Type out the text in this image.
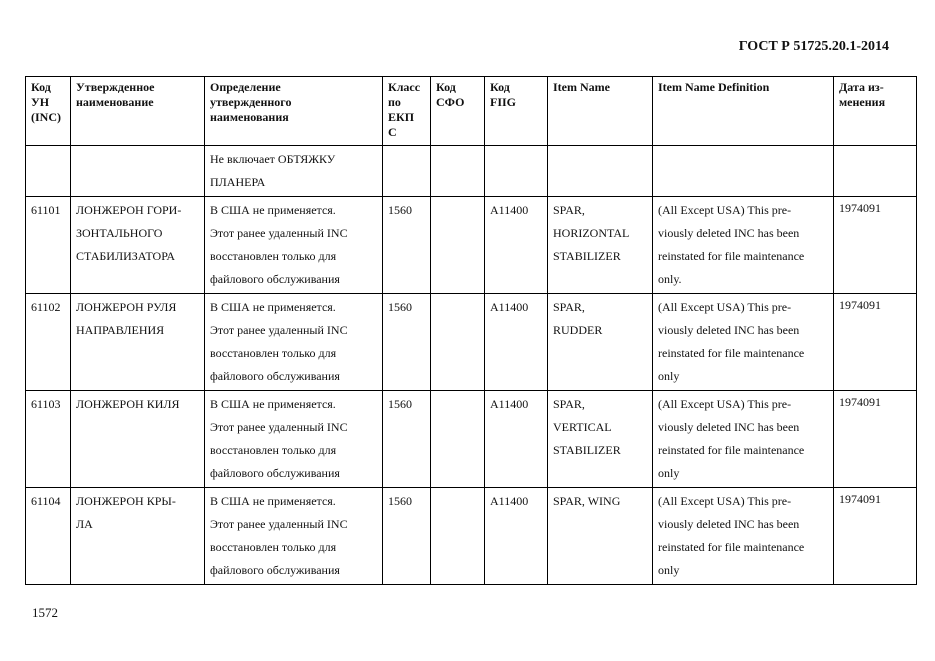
ГОСТ Р 51725.20.1-2014
Код
УН
(INC)	Утвержденное
наименование	Определение
утвержденного
наименования	Класс
по
ЕКП
С	Код
СФО	Код
FIIG	Item Name	Item Name Definition	Дата из-
менения

		Не включает ОБТЯЖКУ
ПЛАНЕРА						

61101	ЛОНЖЕРОН ГОРИ-
ЗОНТАЛЬНОГО
СТАБИЛИЗАТОРА	В США не применяется.
Этот ранее удаленный INC
восстановлен только для
файлового обслуживания	1560		A11400	SPAR,
HORIZONTAL
STABILIZER	(All Except USA) This pre-
viously deleted INC has been
reinstated for file maintenance
only.	1974091
61102	ЛОНЖЕРОН РУЛЯ
НАПРАВЛЕНИЯ	В США не применяется.
Этот ранее удаленный INC
восстановлен только для
файлового обслуживания	1560		A11400	SPAR,
RUDDER	(All Except USA) This pre-
viously deleted INC has been
reinstated for file maintenance
only	1974091
61103	ЛОНЖЕРОН КИЛЯ	В США не применяется.
Этот ранее удаленный INC
восстановлен только для
файлового обслуживания	1560		A11400	SPAR,
VERTICAL
STABILIZER	(All Except USA) This pre-
viously deleted INC has been
reinstated for file maintenance
only	1974091
61104	ЛОНЖЕРОН КРЫ-
ЛА	В США не применяется.
Этот ранее удаленный INC
восстановлен только для
файлового обслуживания	1560		A11400	SPAR, WING	(All Except USA) This pre-
viously deleted INC has been
reinstated for file maintenance
only	1974091
1572
